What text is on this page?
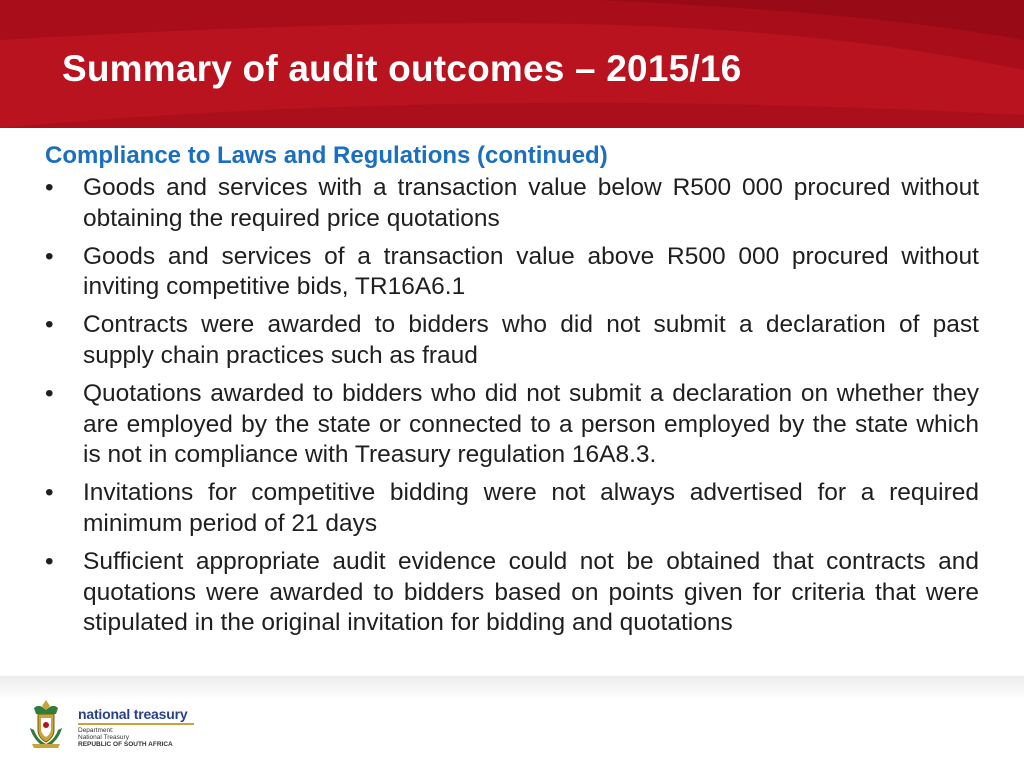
Summary of audit outcomes – 2015/16
Compliance to Laws and Regulations (continued)
•	Goods and services with a transaction value below R500 000 procured without obtaining the required price quotations
•	Goods and services of a transaction value above R500 000 procured without inviting competitive bids, TR16A6.1
•	Contracts were awarded to bidders who did not submit a declaration of past supply chain practices such as fraud
•	Quotations awarded to bidders who did not submit a declaration on whether they are employed by the state or connected to a person employed by the state which is not in compliance with Treasury regulation 16A8.3.
•	Invitations for competitive bidding were not always advertised for a required minimum period of 21 days
•	Sufficient appropriate audit evidence could not be obtained that contracts and quotations were awarded to bidders based on points given for criteria that were stipulated in the original invitation for bidding and quotations
national treasury
Department:
National Treasury
REPUBLIC OF SOUTH AFRICA
